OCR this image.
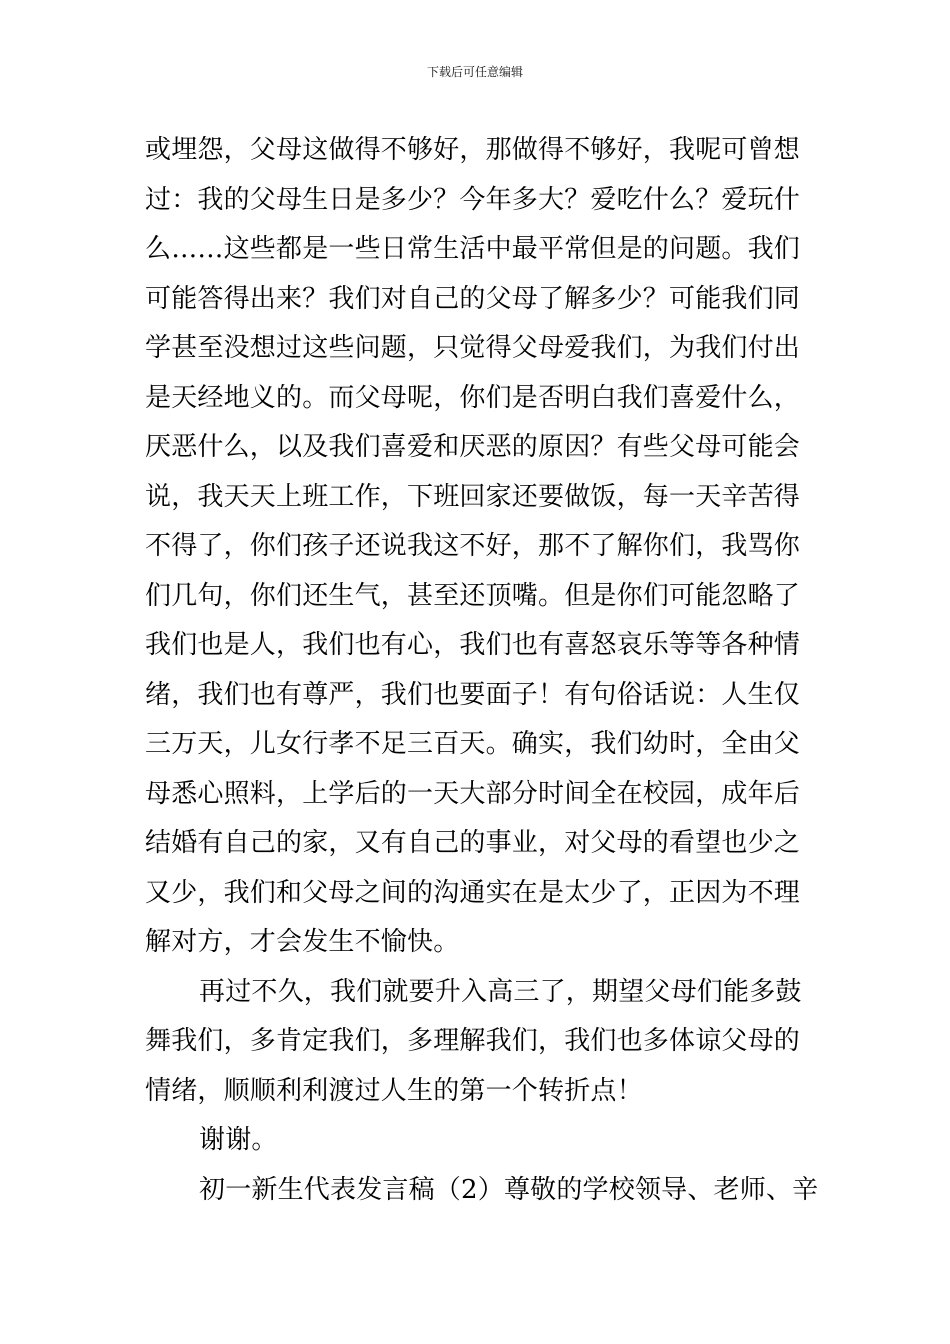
下载后可任意编辑
或埋怨，父母这做得不够好，那做得不够好，我呢可曾想
过：我的父母生日是多少？今年多大？爱吃什么？爱玩什
么……这些都是一些日常生活中最平常但是的问题。我们
可能答得出来？我们对自己的父母了解多少？可能我们同
学甚至没想过这些问题，只觉得父母爱我们，为我们付出
是天经地义的。而父母呢，你们是否明白我们喜爱什么，
厌恶什么，以及我们喜爱和厌恶的原因？有些父母可能会
说，我天天上班工作，下班回家还要做饭，每一天辛苦得
不得了，你们孩子还说我这不好，那不了解你们，我骂你
们几句，你们还生气，甚至还顶嘴。但是你们可能忽略了
我们也是人，我们也有心，我们也有喜怒哀乐等等各种情
绪，我们也有尊严，我们也要面子！有句俗话说：人生仅
三万天，儿女行孝不足三百天。确实，我们幼时，全由父
母悉心照料，上学后的一天大部分时间全在校园，成年后
结婚有自己的家，又有自己的事业，对父母的看望也少之
又少，我们和父母之间的沟通实在是太少了，正因为不理
解对方，才会发生不愉快。
再过不久，我们就要升入高三了，期望父母们能多鼓
舞我们，多肯定我们，多理解我们，我们也多体谅父母的
情绪，顺顺利利渡过人生的第一个转折点！
谢谢。
初一新生代表发言稿（2）尊敬的学校领导、老师、辛
